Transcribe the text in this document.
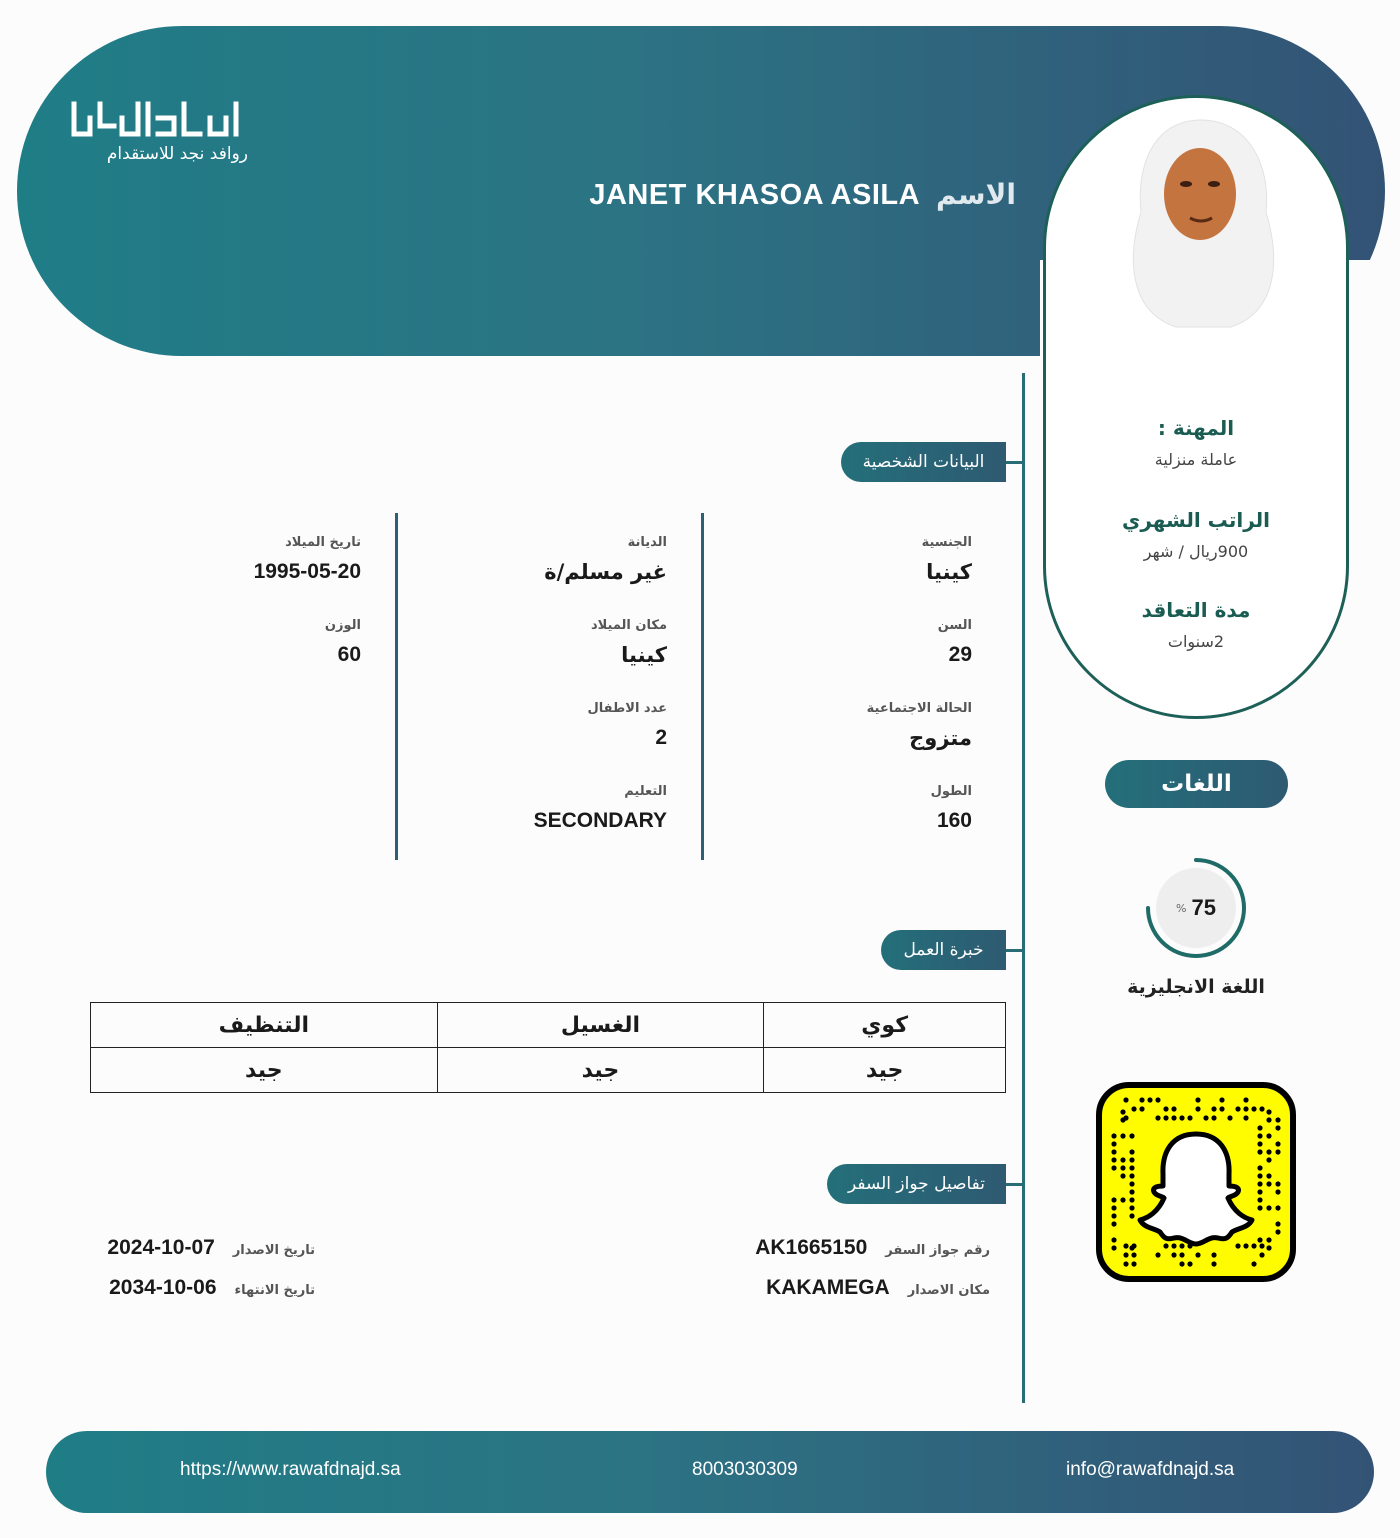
روافد نجد للاستقدام
JANET KHASOA ASILA الاسم
المهنة :
عاملة منزلية
الراتب الشهري
900ريال / شهر
مدة التعاقد
2سنوات
البيانات الشخصية
الجنسية
كينيا
السن
29
الحالة الاجتماعية
متزوج
الطول
160
الديانة
غير مسلم/ة
مكان الميلاد
كينيا
عدد الاطفال
2
التعليم
SECONDARY
تاريخ الميلاد
1995-05-20
الوزن
60
خبرة العمل
التنظيف	الغسيل	كوي
جيد	جيد	جيد
تفاصيل جواز السفر
AK1665150 رقم جواز السفر
KAKAMEGA مكان الاصدار
2024-10-07 تاريخ الاصدار
2034-10-06 تاريخ الانتهاء
اللغات
% 75
اللغة الانجليزية
https://www.rawafdnajd.sa	8003030309	info@rawafdnajd.sa
